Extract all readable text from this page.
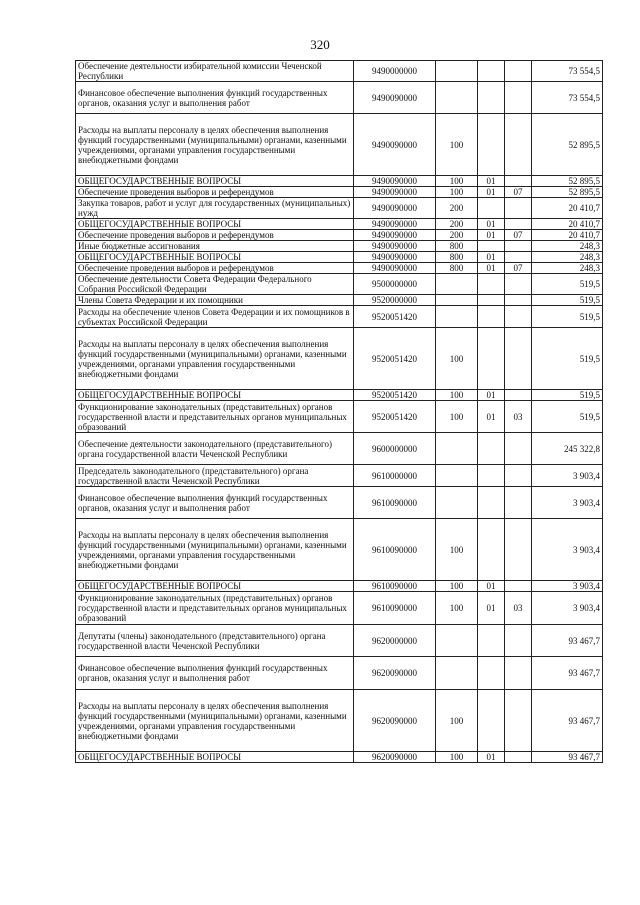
320
Обеспечение деятельности избирательной комиссии Чеченской Республики	9490000000				73 554,5
Финансовое обеспечение выполнения функций государственных органов, оказания услуг и выполнения работ	9490090000				73 554,5
Расходы на выплаты персоналу в целях обеспечения выполнения функций государственными (муниципальными) органами, казенными учреждениями, органами управления государственными внебюджетными фондами	9490090000	100			52 895,5
ОБЩЕГОСУДАРСТВЕННЫЕ ВОПРОСЫ	9490090000	100	01		52 895,5
Обеспечение проведения выборов и референдумов	9490090000	100	01	07	52 895,5
Закупка товаров, работ и услуг для государственных (муниципальных) нужд	9490090000	200			20 410,7
ОБЩЕГОСУДАРСТВЕННЫЕ ВОПРОСЫ	9490090000	200	01		20 410,7
Обеспечение проведения выборов и референдумов	9490090000	200	01	07	20 410,7
Иные бюджетные ассигнования	9490090000	800			248,3
ОБЩЕГОСУДАРСТВЕННЫЕ ВОПРОСЫ	9490090000	800	01		248,3
Обеспечение проведения выборов и референдумов	9490090000	800	01	07	248,3
Обеспечение деятельности Совета Федерации Федерального Собрания Российской Федерации	9500000000				519,5
Члены Совета Федерации и их помощники	9520000000				519,5
Расходы на обеспечение членов Совета Федерации и их помощников в субъектах Российской Федерации	9520051420				519,5
Расходы на выплаты персоналу в целях обеспечения выполнения функций государственными (муниципальными) органами, казенными учреждениями, органами управления государственными внебюджетными фондами	9520051420	100			519,5
ОБЩЕГОСУДАРСТВЕННЫЕ ВОПРОСЫ	9520051420	100	01		519,5
Функционирование законодательных (представительных) органов государственной власти и представительных органов муниципальных образований	9520051420	100	01	03	519,5
Обеспечение деятельности законодательного (представительного) органа государственной власти Чеченской Республики	9600000000				245 322,8
Председатель законодательного (представительного) органа государственной власти Чеченской Республики	9610000000				3 903,4
Финансовое обеспечение выполнения функций государственных органов, оказания услуг и выполнения работ	9610090000				3 903,4
Расходы на выплаты персоналу в целях обеспечения выполнения функций государственными (муниципальными) органами, казенными учреждениями, органами управления государственными внебюджетными фондами	9610090000	100			3 903,4
ОБЩЕГОСУДАРСТВЕННЫЕ ВОПРОСЫ	9610090000	100	01		3 903,4
Функционирование законодательных (представительных) органов государственной власти и представительных органов муниципальных образований	9610090000	100	01	03	3 903,4
Депутаты (члены) законодательного (представительного) органа государственной власти Чеченской Республики	9620000000				93 467,7
Финансовое обеспечение выполнения функций государственных органов, оказания услуг и выполнения работ	9620090000				93 467,7
Расходы на выплаты персоналу в целях обеспечения выполнения функций государственными (муниципальными) органами, казенными учреждениями, органами управления государственными внебюджетными фондами	9620090000	100			93 467,7
ОБЩЕГОСУДАРСТВЕННЫЕ ВОПРОСЫ	9620090000	100	01		93 467,7
